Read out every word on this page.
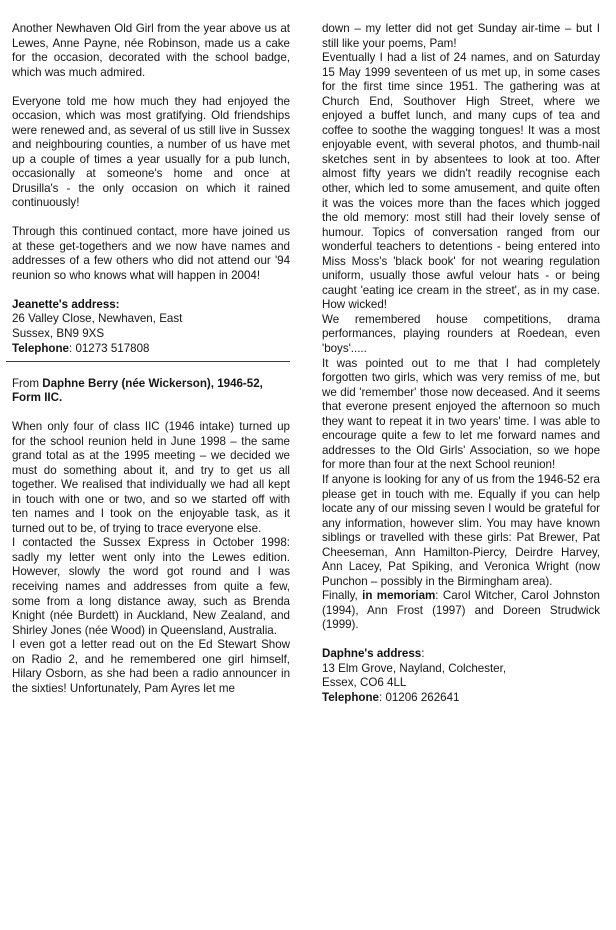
Another Newhaven Old Girl from the year above us at Lewes, Anne Payne, née Robinson, made us a cake for the occasion, decorated with the school badge, which was much admired.

Everyone told me how much they had enjoyed the occasion, which was most gratifying. Old friendships were renewed and, as several of us still live in Sussex and neighbouring counties, a number of us have met up a couple of times a year usually for a pub lunch, occasionally at someone's home and once at Drusilla's - the only occasion on which it rained continuously!

Through this continued contact, more have joined us at these get-togethers and we now have names and addresses of a few others who did not attend our '94 reunion so who knows what will happen in 2004!

Jeanette's address:

26 Valley Close, Newhaven, East

Sussex, BN9 9XS

Telephone: 01273 517808

From Daphne Berry (née Wickerson), 1946-52, Form IIC.

When only four of class IIC (1946 intake) turned up for the school reunion held in June 1998 – the same grand total as at the 1995 meeting – we decided we must do something about it, and try to get us all together. We realised that individually we had all kept in touch with one or two, and so we started off with ten names and I took on the enjoyable task, as it turned out to be, of trying to trace everyone else.

I contacted the Sussex Express in October 1998: sadly my letter went only into the Lewes edition. However, slowly the word got round and I was receiving names and addresses from quite a few, some from a long distance away, such as Brenda Knight (née Burdett) in Auckland, New Zealand, and Shirley Jones (née Wood) in Queensland, Australia.

I even got a letter read out on the Ed Stewart Show on Radio 2, and he remembered one girl himself, Hilary Osborn, as she had been a radio announcer in the sixties! Unfortunately, Pam Ayres let me

down – my letter did not get Sunday air-time – but I still like your poems, Pam!

Eventually I had a list of 24 names, and on Saturday 15 May 1999 seventeen of us met up, in some cases for the first time since 1951. The gathering was at Church End, Southover High Street, where we enjoyed a buffet lunch, and many cups of tea and coffee to soothe the wagging tongues! It was a most enjoyable event, with several photos, and thumb-nail sketches sent in by absentees to look at too. After almost fifty years we didn't readily recognise each other, which led to some amusement, and quite often it was the voices more than the faces which jogged the old memory: most still had their lovely sense of humour. Topics of conversation ranged from our wonderful teachers to detentions - being entered into Miss Moss's 'black book' for not wearing regulation uniform, usually those awful velour hats - or being caught 'eating ice cream in the street', as in my case. How wicked!

We remembered house competitions, drama performances, playing rounders at Roedean, even 'boys'.....

It was pointed out to me that I had completely forgotten two girls, which was very remiss of me, but we did 'remember' those now deceased. And it seems that everone present enjoyed the afternoon so much they want to repeat it in two years' time. I was able to encourage quite a few to let me forward names and addresses to the Old Girls' Association, so we hope for more than four at the next School reunion!

If anyone is looking for any of us from the 1946-52 era please get in touch with me. Equally if you can help locate any of our missing seven I would be grateful for any information, however slim. You may have known siblings or travelled with these girls: Pat Brewer, Pat Cheeseman, Ann Hamilton-Piercy, Deirdre Harvey, Ann Lacey, Pat Spiking, and Veronica Wright (now Punchon – possibly in the Birmingham area).

Finally, in memoriam: Carol Witcher, Carol Johnston (1994), Ann Frost (1997) and Doreen Strudwick (1999).

Daphne's address:

13 Elm Grove, Nayland, Colchester,

Essex, CO6 4LL

Telephone: 01206 262641
